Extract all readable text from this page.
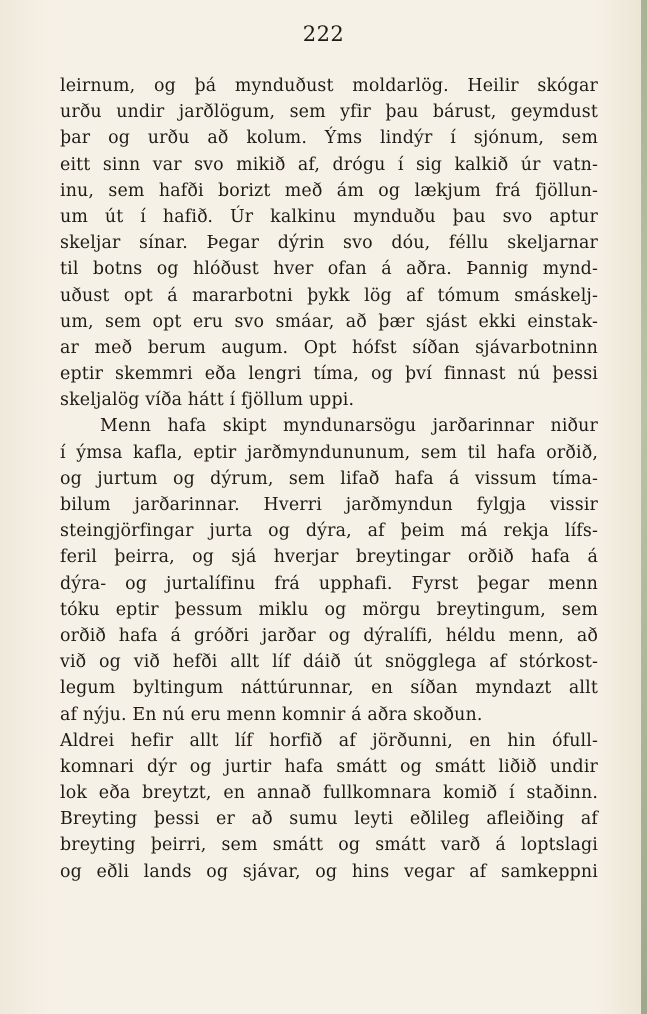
222
leirnum, og þá mynduðust moldarlög. Heilir skógar
urðu undir jarðlögum, sem yfir þau bárust, geymdust
þar og urðu að kolum. Ýms lindýr í sjónum, sem
eitt sinn var svo mikið af, drógu í sig kalkið úr vatn-
inu, sem hafði borizt með ám og lækjum frá fjöllun-
um út í hafið. Úr kalkinu mynduðu þau svo aptur
skeljar sínar. Þegar dýrin svo dóu, féllu skeljarnar
til botns og hlóðust hver ofan á aðra. Þannig mynd-
uðust opt á mararbotni þykk lög af tómum smáskelj-
um, sem opt eru svo smáar, að þær sjást ekki einstak-
ar með berum augum. Opt hófst síðan sjávarbotninn
eptir skemmri eða lengri tíma, og því finnast nú þessi
skeljalög víða hátt í fjöllum uppi.
Menn hafa skipt myndunarsögu jarðarinnar niður
í ýmsa kafla, eptir jarðmyndununum, sem til hafa orðið,
og jurtum og dýrum, sem lifað hafa á vissum tíma-
bilum jarðarinnar. Hverri jarðmyndun fylgja vissir
steingjörfingar jurta og dýra, af þeim má rekja lífs-
feril þeirra, og sjá hverjar breytingar orðið hafa á
dýra- og jurtalífinu frá upphafi. Fyrst þegar menn
tóku eptir þessum miklu og mörgu breytingum, sem
orðið hafa á gróðri jarðar og dýralífi, héldu menn, að
við og við hefði allt líf dáið út snögglega af stórkost-
legum byltingum náttúrunnar, en síðan myndazt allt
af nýju. En nú eru menn komnir á aðra skoðun.
Aldrei hefir allt líf horfið af jörðunni, en hin ófull-
komnari dýr og jurtir hafa smátt og smátt liðið undir
lok eða breytzt, en annað fullkomnara komið í staðinn.
Breyting þessi er að sumu leyti eðlileg afleiðing af
breyting þeirri, sem smátt og smátt varð á loptslagi
og eðli lands og sjávar, og hins vegar af samkeppni
